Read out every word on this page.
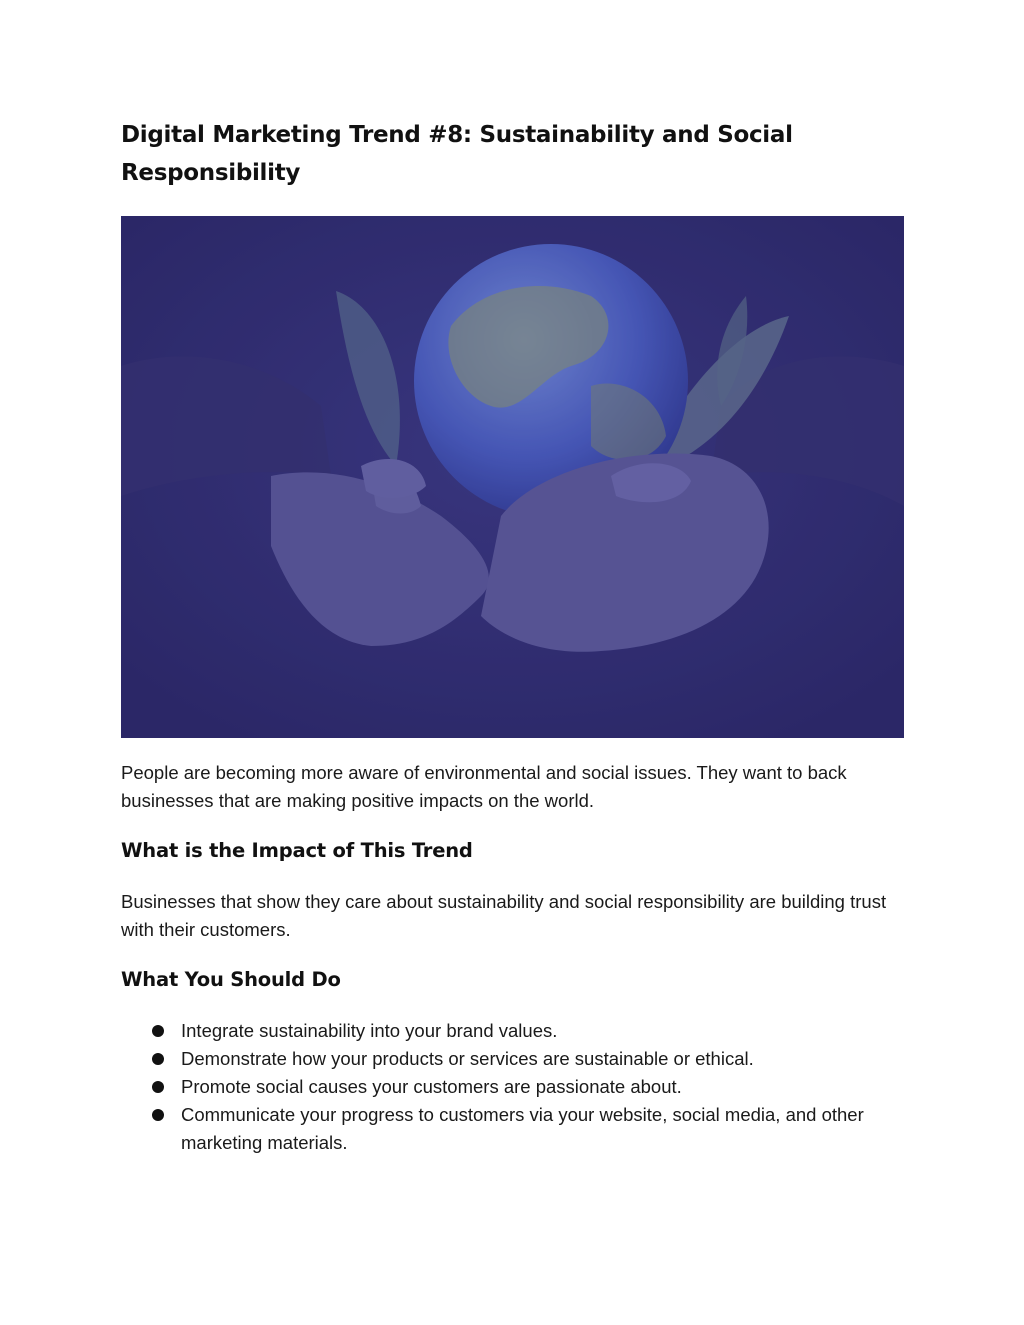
Digital Marketing Trend #8: Sustainability and Social Responsibility

People are becoming more aware of environmental and social issues. They want to back businesses that are making positive impacts on the world.

What is the Impact of This Trend

Businesses that show they care about sustainability and social responsibility are building trust with their customers.

What You Should Do
Integrate sustainability into your brand values.
Demonstrate how your products or services are sustainable or ethical.
Promote social causes your customers are passionate about.
Communicate your progress to customers via your website, social media, and other marketing materials.
